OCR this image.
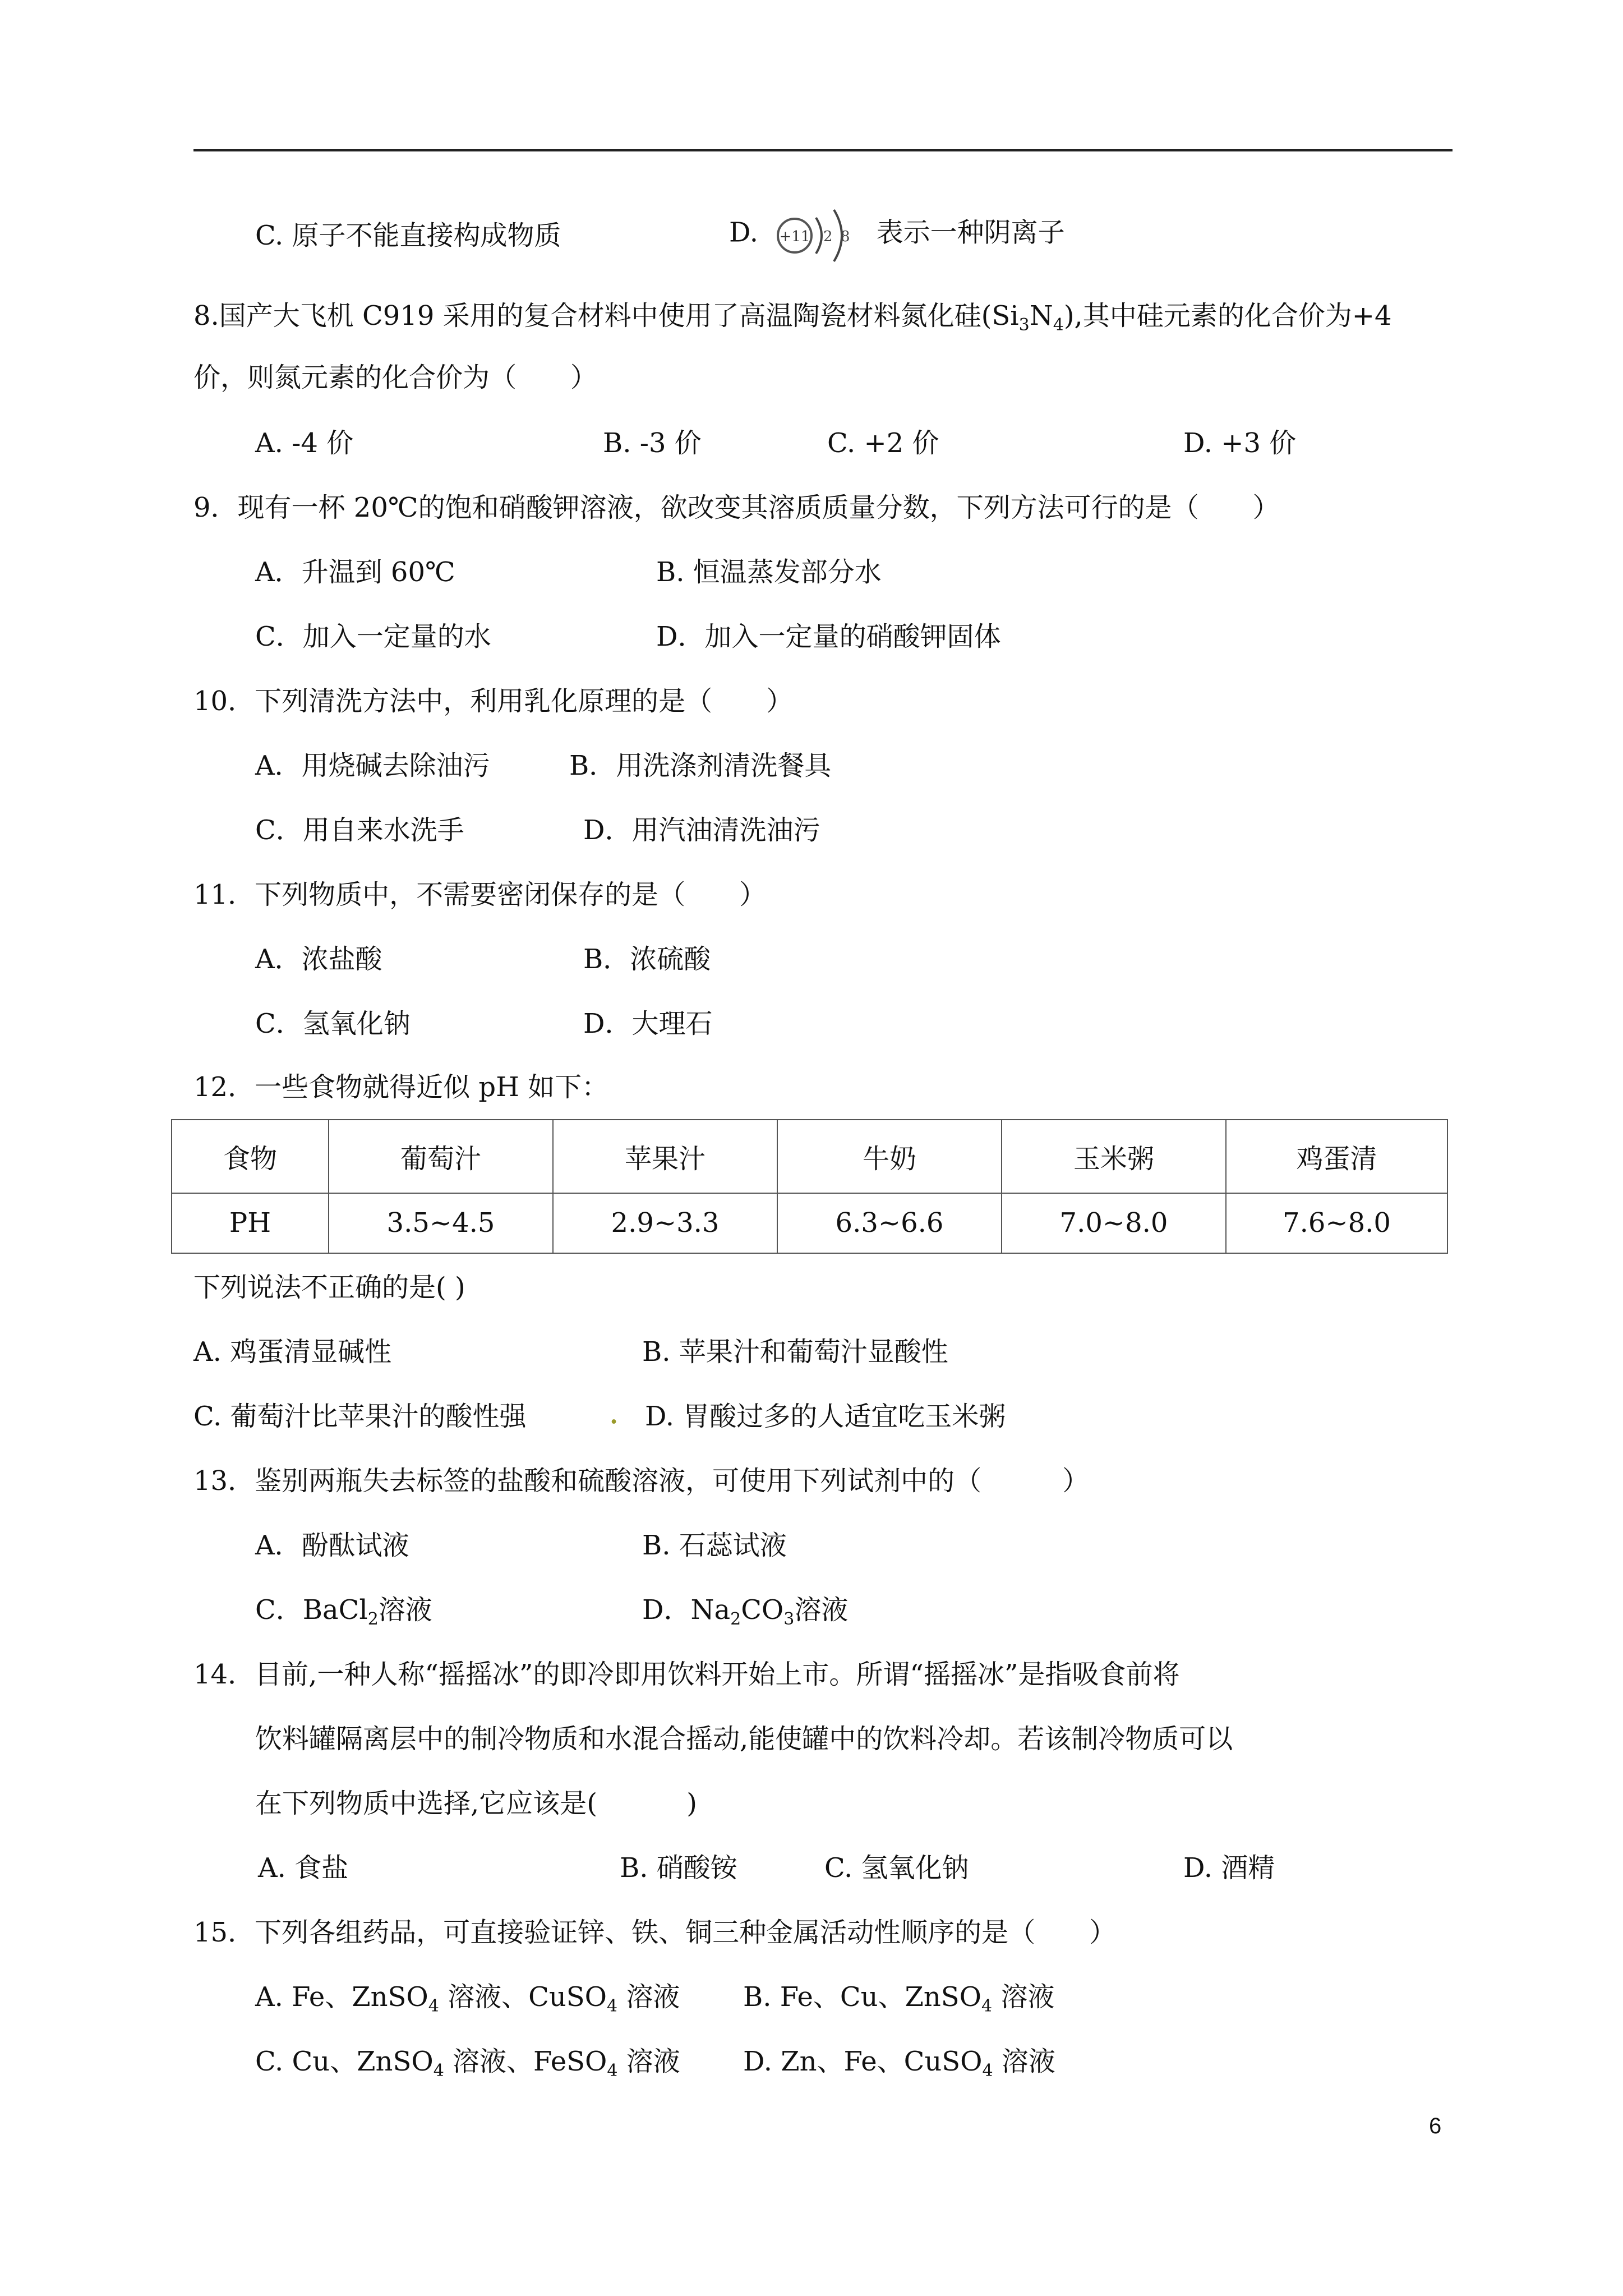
C. 原子不能直接构成物质	D. +11 2 8 表示一种阴离子
8.国产大飞机 C919 采用的复合材料中使用了高温陶瓷材料氮化硅$(Si_3N_4)$,其中硅元素的化合价为+4
价，则氮元素的化合价为（　　）
A. -4 价	B. -3 价	C. +2 价	D. +3 价
9．现有一杯 20℃的饱和硝酸钾溶液，欲改变其溶质质量分数，下列方法可行的是（　　）
A．升温到 60℃	B. 恒温蒸发部分水
C．加入一定量的水	D．加入一定量的硝酸钾固体
10．下列清洗方法中，利用乳化原理的是（　　）
A．用烧碱去除油污	B．用洗涤剂清洗餐具
C．用自来水洗手	D．用汽油清洗油污
11．下列物质中，不需要密闭保存的是（　　）
A．浓盐酸	B．浓硫酸
C．氢氧化钠	D．大理石
12．一些食物就得近似 pH 如下：
食物	葡萄汁	苹果汁	牛奶	玉米粥	鸡蛋清
PH	3.5~4.5	2.9~3.3	6.3~6.6	7.0~8.0	7.6~8.0
下列说法不正确的是( )
A. 鸡蛋清显碱性	B. 苹果汁和葡萄汁显酸性
C. 葡萄汁比苹果汁的酸性强 . D. 胃酸过多的人适宜吃玉米粥
13．鉴别两瓶失去标签的盐酸和硫酸溶液，可使用下列试剂中的（　　　）
A．酚酞试液	B. 石蕊试液
C．BaCl$_2$溶液	D．$Na_2CO_3$溶液
14．目前,一种人称“摇摇冰”的即冷即用饮料开始上市。所谓“摇摇冰”是指吸食前将
饮料罐隔离层中的制冷物质和水混合摇动,能使罐中的饮料冷却。若该制冷物质可以
在下列物质中选择,它应该是(　　　 )
A. 食盐	B. 硝酸铵	C. 氢氧化钠	D. 酒精
15．下列各组药品，可直接验证锌、铁、铜三种金属活动性顺序的是（　　）
A. Fe、ZnSO$_4$ 溶液、CuSO$_4$ 溶液 B. Fe、Cu、ZnSO$_4$ 溶液
C. Cu、ZnSO$_4$ 溶液、FeSO$_4$ 溶液 D. Zn、Fe、CuSO$_4$ 溶液
6
